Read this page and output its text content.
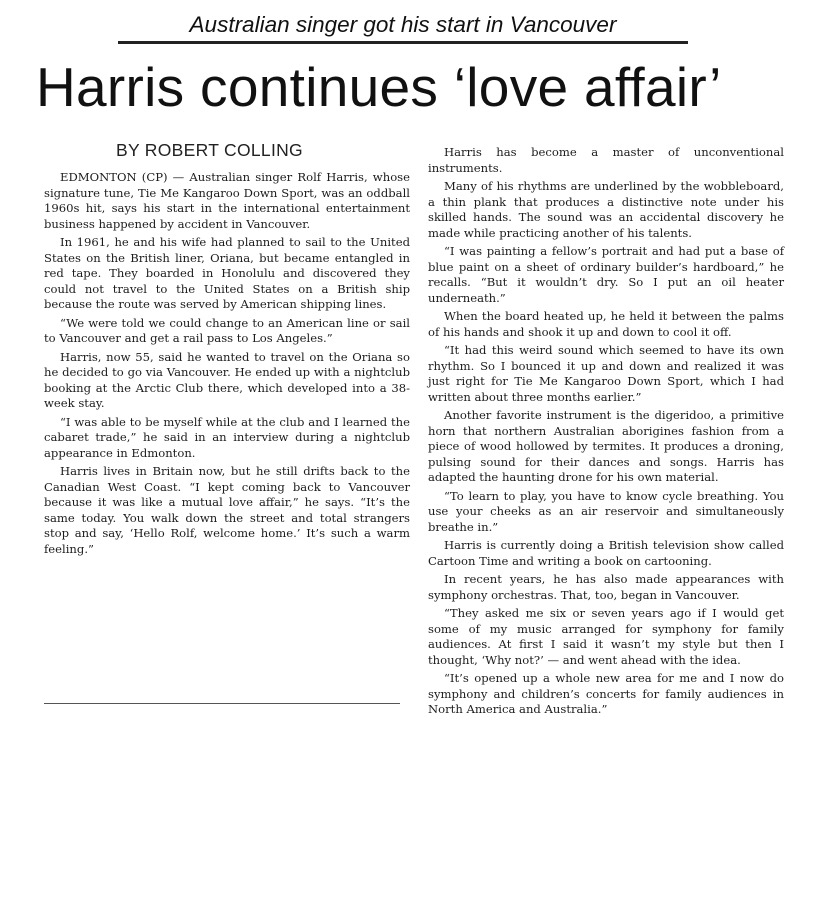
Australian singer got his start in Vancouver
Harris continues ‘love affair’
BY ROBERT COLLING

EDMONTON (CP) — Australian singer Rolf Harris, whose signature tune, Tie Me Kangaroo Down Sport, was an oddball 1960s hit, says his start in the international entertainment business happened by accident in Vancouver.

In 1961, he and his wife had planned to sail to the United States on the British liner, Oriana, but became entangled in red tape. They boarded in Honolulu and discovered they could not travel to the United States on a British ship because the route was served by American shipping lines.

“We were told we could change to an American line or sail to Vancouver and get a rail pass to Los Angeles.”

Harris, now 55, said he wanted to travel on the Oriana so he decided to go via Vancouver. He ended up with a nightclub booking at the Arctic Club there, which developed into a 38-week stay.

“I was able to be myself while at the club and I learned the cabaret trade,” he said in an interview during a nightclub appearance in Edmonton.

Harris lives in Britain now, but he still drifts back to the Canadian West Coast. “I kept coming back to Vancouver because it was like a mutual love affair,” he says. “It’s the same today. You walk down the street and total strangers stop and say, ‘Hello Rolf, welcome home.’ It’s such a warm feeling.”

Harris has become a master of unconventional instruments.

Many of his rhythms are underlined by the wobbleboard, a thin plank that produces a distinctive note under his skilled hands. The sound was an accidental discovery he made while practicing another of his talents.

“I was painting a fellow’s portrait and had put a base of blue paint on a sheet of ordinary builder’s hardboard,” he recalls. “But it wouldn’t dry. So I put an oil heater underneath.”

When the board heated up, he held it between the palms of his hands and shook it up and down to cool it off.

“It had this weird sound which seemed to have its own rhythm. So I bounced it up and down and realized it was just right for Tie Me Kangaroo Down Sport, which I had written about three months earlier.”

Another favorite instrument is the digeridoo, a primitive horn that northern Australian aborigines fashion from a piece of wood hollowed by termites. It produces a droning, pulsing sound for their dances and songs. Harris has adapted the haunting drone for his own material.

“To learn to play, you have to know cycle breathing. You use your cheeks as an air reservoir and simultaneously breathe in.”

Harris is currently doing a British television show called Cartoon Time and writing a book on cartooning.

In recent years, he has also made appearances with symphony orchestras. That, too, began in Vancouver.

“They asked me six or seven years ago if I would get some of my music arranged for symphony for family audiences. At first I said it wasn’t my style but then I thought, ‘Why not?’ — and went ahead with the idea.

“It’s opened up a whole new area for me and I now do symphony and children’s concerts for family audiences in North America and Australia.”
